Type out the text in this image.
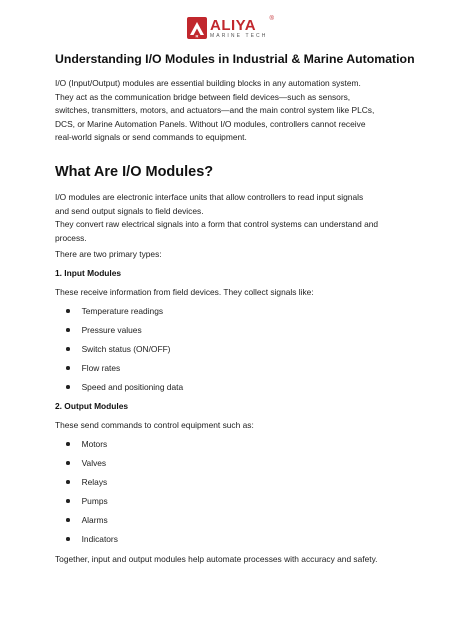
R
ALIYA ®
MARINE TECH
Understanding I/O Modules in Industrial & Marine Automation
I/O (Input/Output) modules are essential building blocks in any automation system.
They act as the communication bridge between field devices—such as sensors,
switches, transmitters, motors, and actuators—and the main control system like PLCs,
DCS, or Marine Automation Panels. Without I/O modules, controllers cannot receive
real-world signals or send commands to equipment.
What Are I/O Modules?
I/O modules are electronic interface units that allow controllers to read input signals
and send output signals to field devices.
They convert raw electrical signals into a form that control systems can understand and
process.
There are two primary types:
1. Input Modules
These receive information from field devices. They collect signals like:
Temperature readings
Pressure values
Switch status (ON/OFF)
Flow rates
Speed and positioning data
2. Output Modules
These send commands to control equipment such as:
Motors
Valves
Relays
Pumps
Alarms
Indicators
Together, input and output modules help automate processes with accuracy and safety.
